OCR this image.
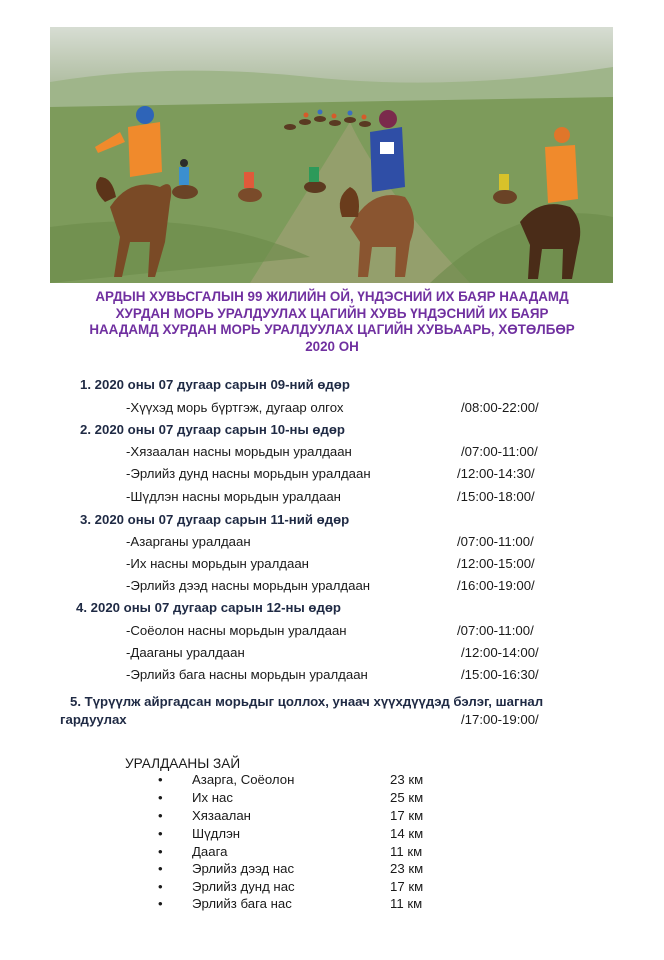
АРДЫН ХУВЬСГАЛЫН 99 ЖИЛИЙН ОЙ, ҮНДЭСНИЙ ИХ БАЯР НААДАМД
ХУРДАН МОРЬ УРАЛДУУЛАХ ЦАГИЙН ХУВЬ ҮНДЭСНИЙ ИХ БАЯР
НААДАМД ХУРДАН МОРЬ УРАЛДУУЛАХ ЦАГИЙН ХУВЬААРЬ, ХӨТӨЛБӨР
2020 ОН
1. 2020 оны 07 дугаар сарын 09-ний өдөр
-Хүүхэд морь бүртгэж, дугаар олгох	/08:00-22:00/
2. 2020 оны 07 дугаар сарын 10-ны өдөр
-Хязаалан насны морьдын уралдаан	/07:00-11:00/
-Эрлийз дунд насны морьдын уралдаан	/12:00-14:30/
-Шүдлэн насны морьдын уралдаан	/15:00-18:00/
3. 2020 оны 07 дугаар сарын 11-ний өдөр
-Азарганы уралдаан	/07:00-11:00/
-Их насны морьдын уралдаан	/12:00-15:00/
-Эрлийз дээд насны морьдын уралдаан	/16:00-19:00/
4. 2020 оны 07 дугаар сарын 12-ны өдөр
-Соёолон насны морьдын уралдаан	/07:00-11:00/
-Дааганы уралдаан	/12:00-14:00/
-Эрлийз бага насны морьдын уралдаан	/15:00-16:30/
5. Түрүүлж айргадсан морьдыг цоллох, унаач хүүхдүүдэд бэлэг, шагнал
гардуулах	/17:00-19:00/
УРАЛДААНЫ ЗАЙ
• Азарга, Соёолон	23 км
• Их нас	25 км
• Хязаалан	17 км
• Шүдлэн	14 км
• Даага	11 км
• Эрлийз дээд нас	23 км
• Эрлийз дунд нас	17 км
• Эрлийз бага нас	11 км
